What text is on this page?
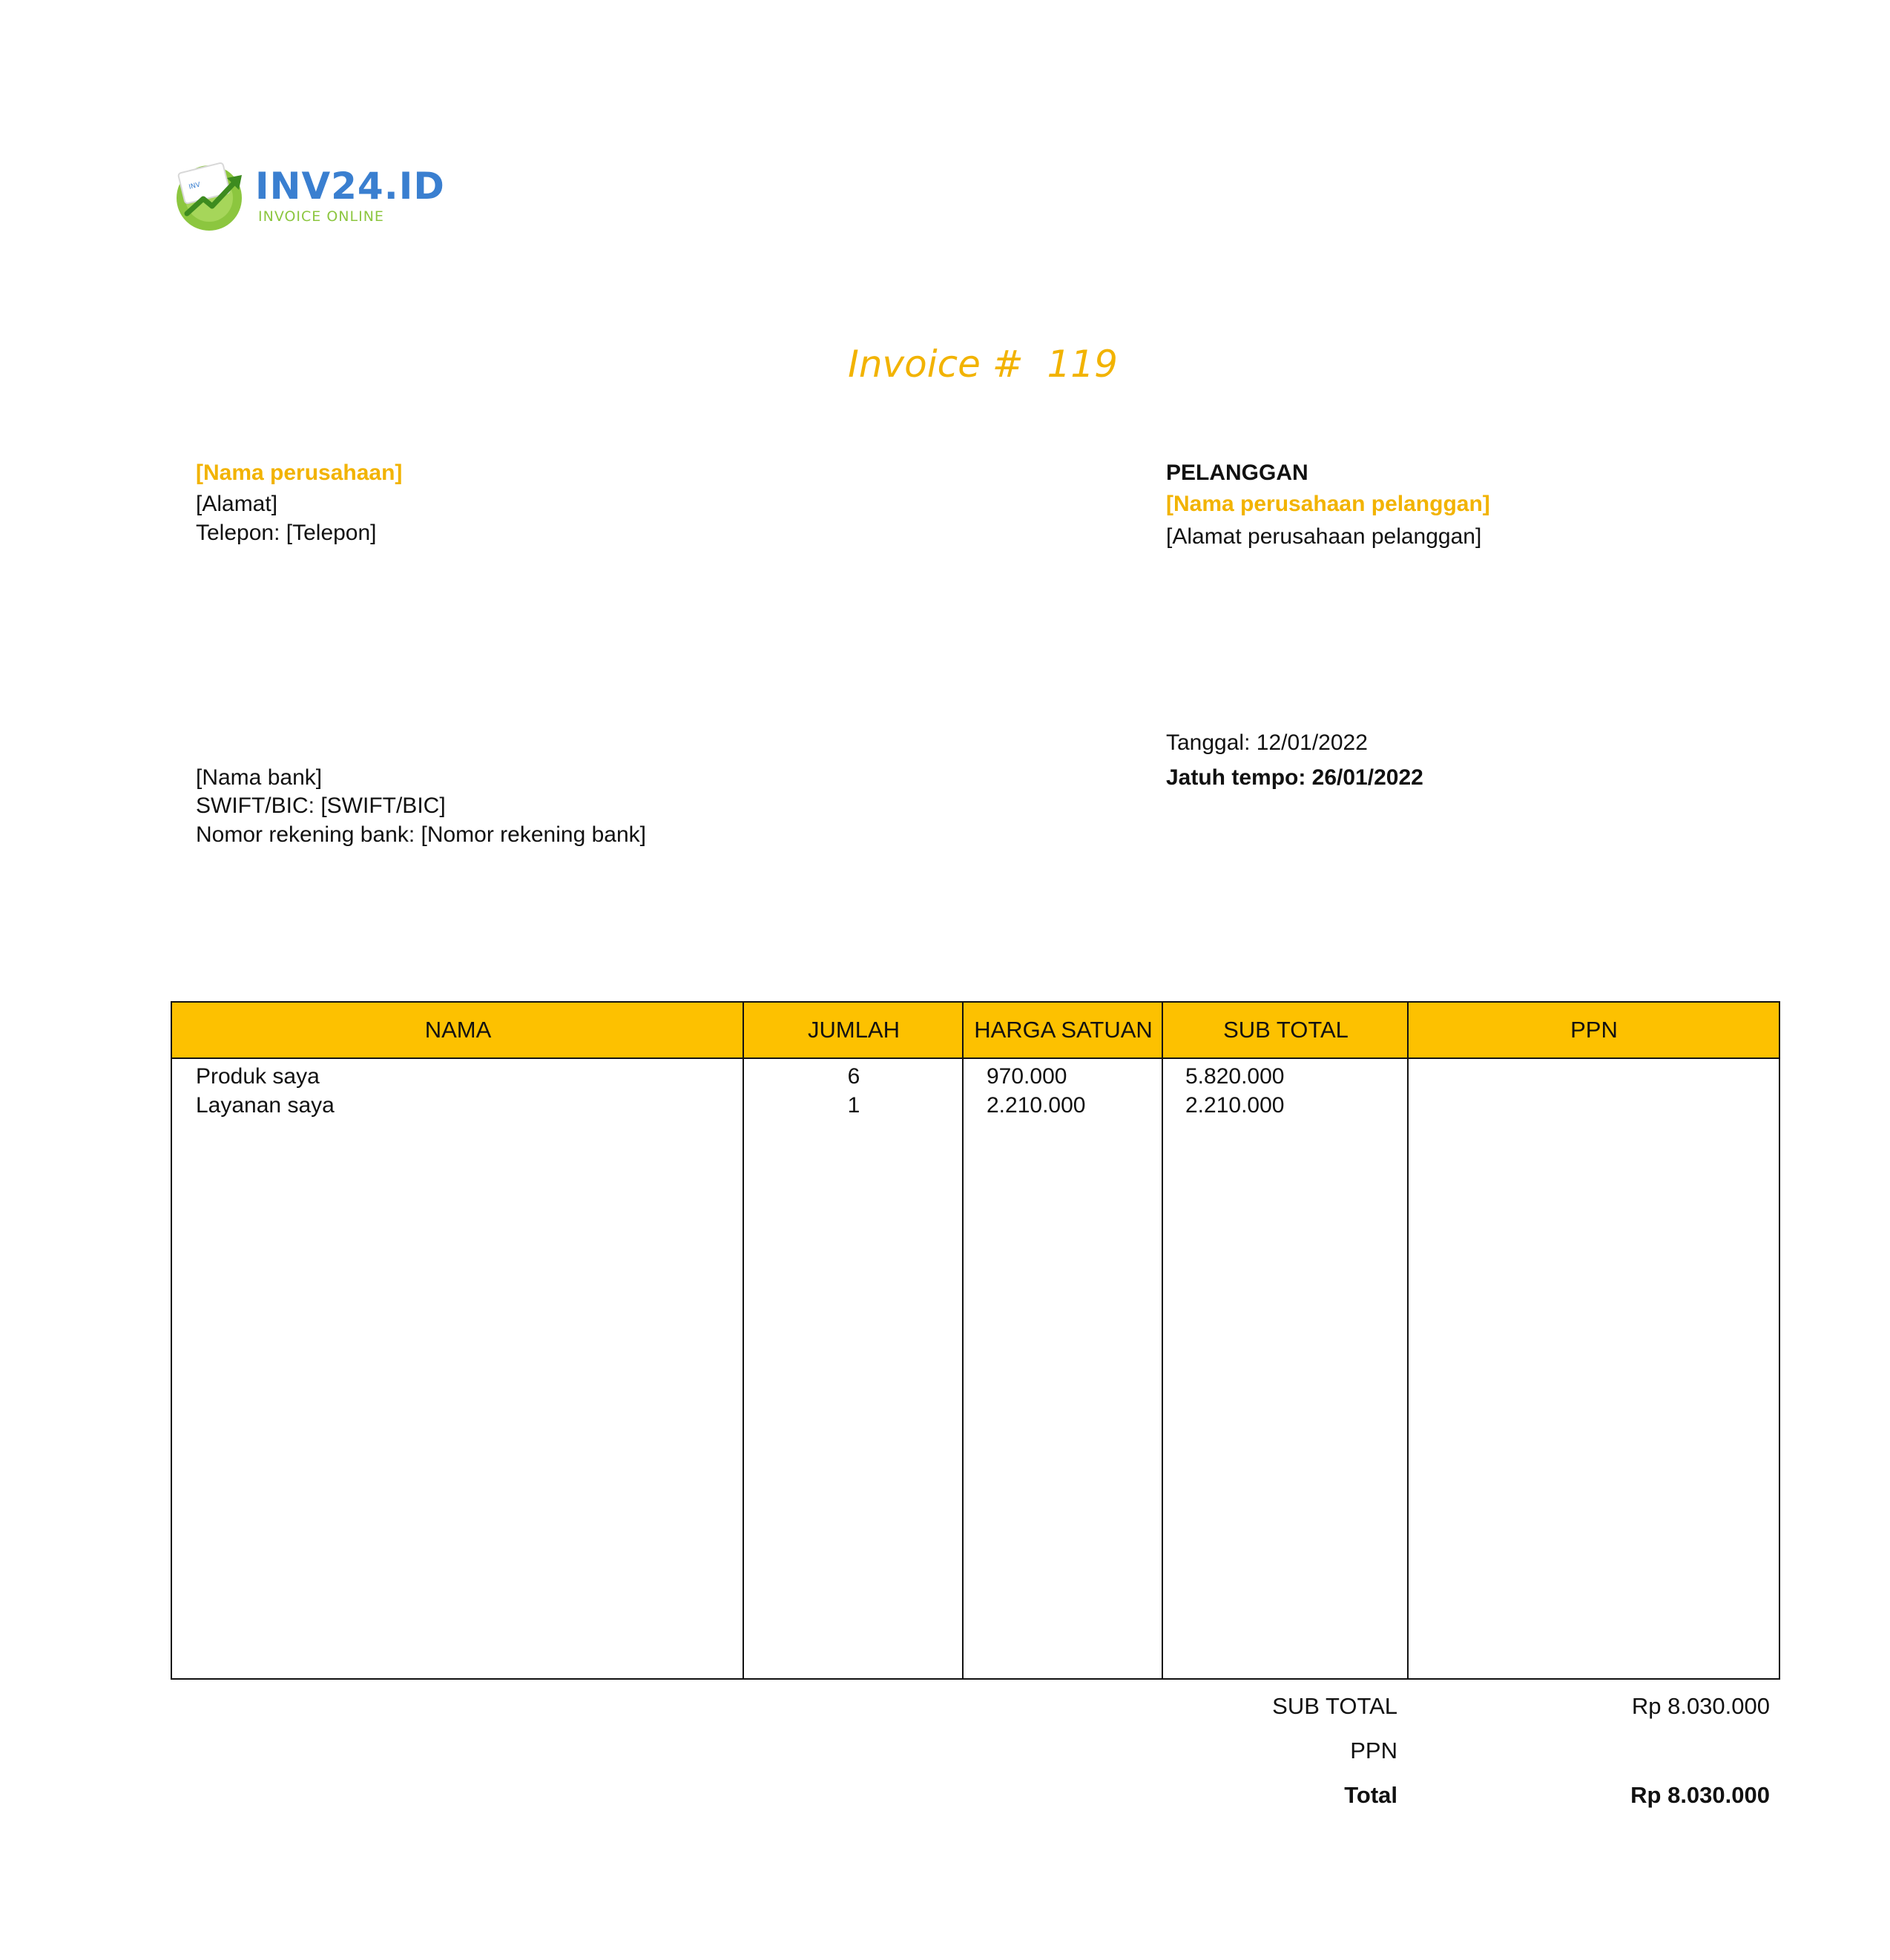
INV INV24.ID
INVOICE ONLINE
Invoice # 119
[Nama perusahaan]
[Alamat]
Telepon: [Telepon]
PELANGGAN
[Nama perusahaan pelanggan]
[Alamat perusahaan pelanggan]
[Nama bank]
SWIFT/BIC: [SWIFT/BIC]
Nomor rekening bank: [Nomor rekening bank]
Tanggal: 12/01/2022
Jatuh tempo: 26/01/2022
NAMA	JUMLAH	HARGA SATUAN	SUB TOTAL	PPN
Produk saya	6	970.000	5.820.000
Layanan saya	1	2.210.000	2.210.000
SUB TOTAL	Rp 8.030.000
PPN
Total	Rp 8.030.000
